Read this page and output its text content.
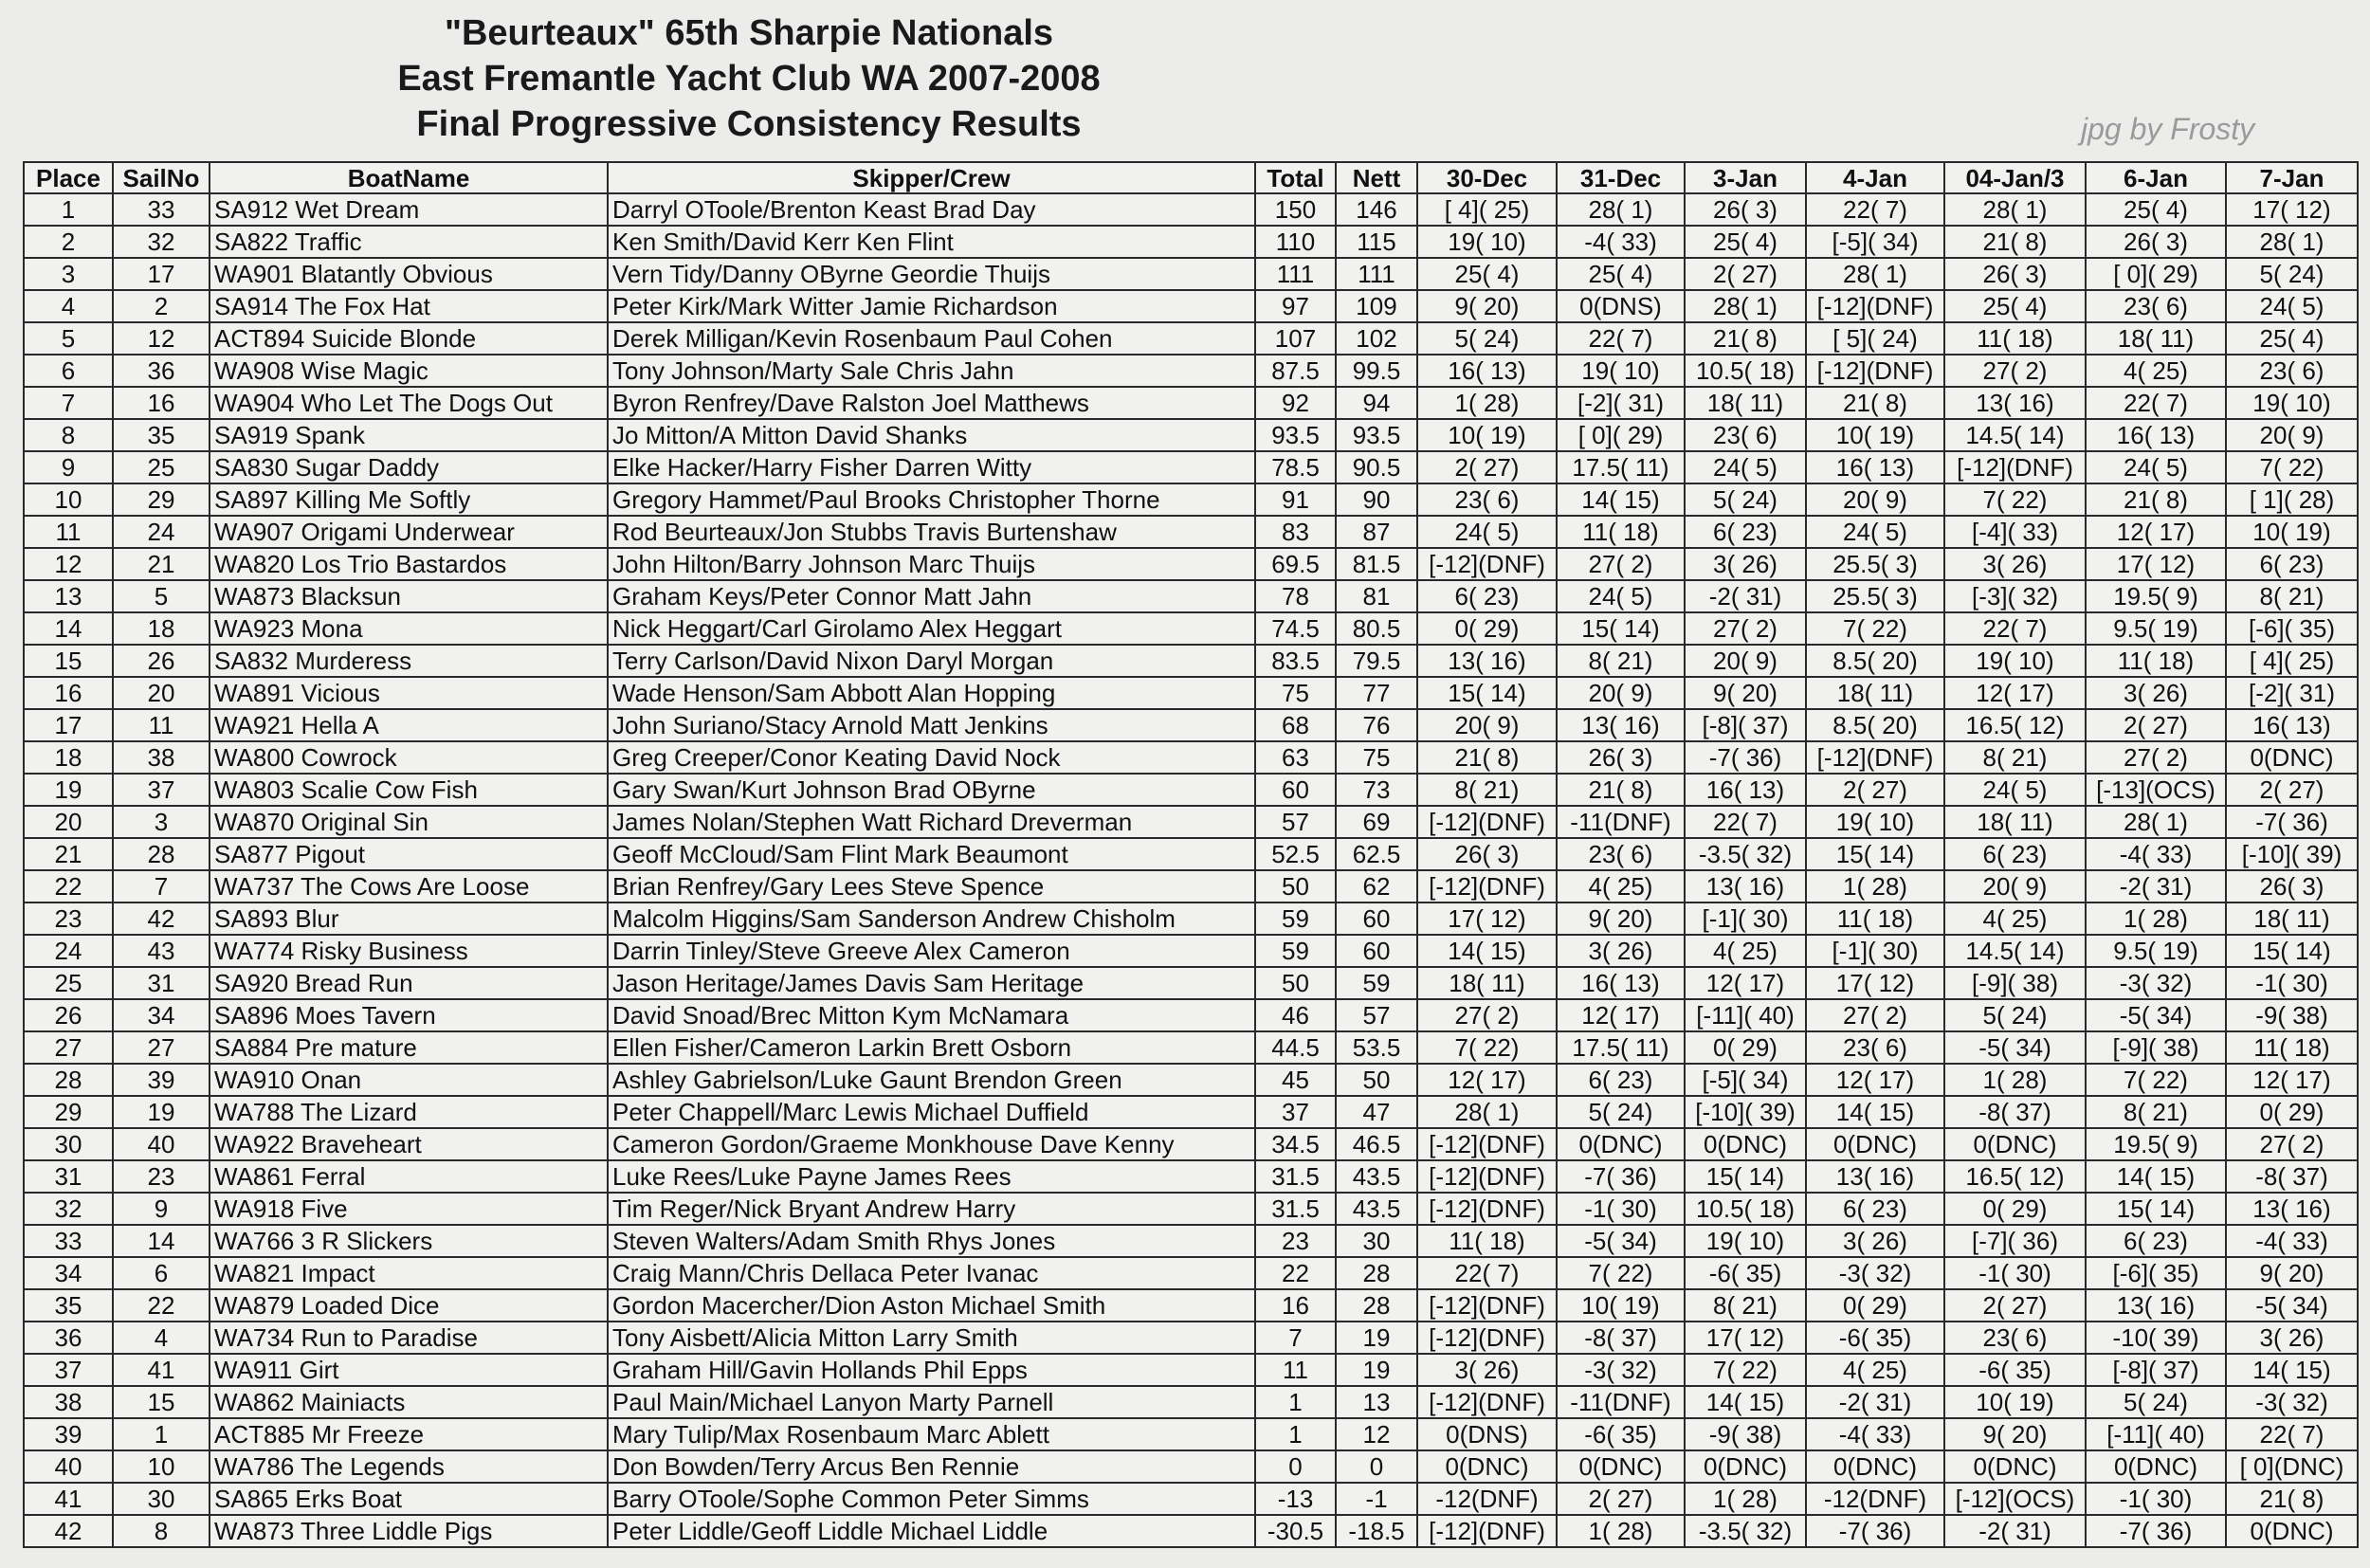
"Beurteaux" 65th Sharpie Nationals
East Fremantle Yacht Club WA 2007-2008
Final Progressive Consistency Results	jpg by Frosty
Place	SailNo	BoatName	Skipper/Crew	Total	Nett	30-Dec	31-Dec	3-Jan	4-Jan	04-Jan/3	6-Jan	7-Jan
1	33	SA912 Wet Dream	Darryl OToole/Brenton Keast Brad Day	150	146	[ 4]( 25)	28( 1)	26( 3)	22( 7)	28( 1)	25( 4)	17( 12)
2	32	SA822 Traffic	Ken Smith/David Kerr Ken Flint	110	115	19( 10)	-4( 33)	25( 4)	[-5]( 34)	21( 8)	26( 3)	28( 1)
3	17	WA901 Blatantly Obvious	Vern Tidy/Danny OByrne Geordie Thuijs	111	111	25( 4)	25( 4)	2( 27)	28( 1)	26( 3)	[ 0]( 29)	5( 24)
4	2	SA914 The Fox Hat	Peter Kirk/Mark Witter Jamie Richardson	97	109	9( 20)	0(DNS)	28( 1)	[-12](DNF)	25( 4)	23( 6)	24( 5)
5	12	ACT894 Suicide Blonde	Derek Milligan/Kevin Rosenbaum Paul Cohen	107	102	5( 24)	22( 7)	21( 8)	[ 5]( 24)	11( 18)	18( 11)	25( 4)
6	36	WA908 Wise Magic	Tony Johnson/Marty Sale Chris Jahn	87.5	99.5	16( 13)	19( 10)	10.5( 18)	[-12](DNF)	27( 2)	4( 25)	23( 6)
7	16	WA904 Who Let The Dogs Out	Byron Renfrey/Dave Ralston Joel Matthews	92	94	1( 28)	[-2]( 31)	18( 11)	21( 8)	13( 16)	22( 7)	19( 10)
8	35	SA919 Spank	Jo Mitton/A Mitton David Shanks	93.5	93.5	10( 19)	[ 0]( 29)	23( 6)	10( 19)	14.5( 14)	16( 13)	20( 9)
9	25	SA830 Sugar Daddy	Elke Hacker/Harry Fisher Darren Witty	78.5	90.5	2( 27)	17.5( 11)	24( 5)	16( 13)	[-12](DNF)	24( 5)	7( 22)
10	29	SA897 Killing Me Softly	Gregory Hammet/Paul Brooks Christopher Thorne	91	90	23( 6)	14( 15)	5( 24)	20( 9)	7( 22)	21( 8)	[ 1]( 28)
11	24	WA907 Origami Underwear	Rod Beurteaux/Jon Stubbs Travis Burtenshaw	83	87	24( 5)	11( 18)	6( 23)	24( 5)	[-4]( 33)	12( 17)	10( 19)
12	21	WA820 Los Trio Bastardos	John Hilton/Barry Johnson Marc Thuijs	69.5	81.5	[-12](DNF)	27( 2)	3( 26)	25.5( 3)	3( 26)	17( 12)	6( 23)
13	5	WA873 Blacksun	Graham Keys/Peter Connor Matt Jahn	78	81	6( 23)	24( 5)	-2( 31)	25.5( 3)	[-3]( 32)	19.5( 9)	8( 21)
14	18	WA923 Mona	Nick Heggart/Carl Girolamo Alex Heggart	74.5	80.5	0( 29)	15( 14)	27( 2)	7( 22)	22( 7)	9.5( 19)	[-6]( 35)
15	26	SA832 Murderess	Terry Carlson/David Nixon Daryl Morgan	83.5	79.5	13( 16)	8( 21)	20( 9)	8.5( 20)	19( 10)	11( 18)	[ 4]( 25)
16	20	WA891 Vicious	Wade Henson/Sam Abbott Alan Hopping	75	77	15( 14)	20( 9)	9( 20)	18( 11)	12( 17)	3( 26)	[-2]( 31)
17	11	WA921 Hella A	John Suriano/Stacy Arnold Matt Jenkins	68	76	20( 9)	13( 16)	[-8]( 37)	8.5( 20)	16.5( 12)	2( 27)	16( 13)
18	38	WA800 Cowrock	Greg Creeper/Conor Keating David Nock	63	75	21( 8)	26( 3)	-7( 36)	[-12](DNF)	8( 21)	27( 2)	0(DNC)
19	37	WA803 Scalie Cow Fish	Gary Swan/Kurt Johnson Brad OByrne	60	73	8( 21)	21( 8)	16( 13)	2( 27)	24( 5)	[-13](OCS)	2( 27)
20	3	WA870 Original Sin	James Nolan/Stephen Watt Richard Dreverman	57	69	[-12](DNF)	-11(DNF)	22( 7)	19( 10)	18( 11)	28( 1)	-7( 36)
21	28	SA877 Pigout	Geoff McCloud/Sam Flint Mark Beaumont	52.5	62.5	26( 3)	23( 6)	-3.5( 32)	15( 14)	6( 23)	-4( 33)	[-10]( 39)
22	7	WA737 The Cows Are Loose	Brian Renfrey/Gary Lees Steve Spence	50	62	[-12](DNF)	4( 25)	13( 16)	1( 28)	20( 9)	-2( 31)	26( 3)
23	42	SA893 Blur	Malcolm Higgins/Sam Sanderson Andrew Chisholm	59	60	17( 12)	9( 20)	[-1]( 30)	11( 18)	4( 25)	1( 28)	18( 11)
24	43	WA774 Risky Business	Darrin Tinley/Steve Greeve Alex Cameron	59	60	14( 15)	3( 26)	4( 25)	[-1]( 30)	14.5( 14)	9.5( 19)	15( 14)
25	31	SA920 Bread Run	Jason Heritage/James Davis Sam Heritage	50	59	18( 11)	16( 13)	12( 17)	17( 12)	[-9]( 38)	-3( 32)	-1( 30)
26	34	SA896 Moes Tavern	David Snoad/Brec Mitton Kym McNamara	46	57	27( 2)	12( 17)	[-11]( 40)	27( 2)	5( 24)	-5( 34)	-9( 38)
27	27	SA884 Pre mature	Ellen Fisher/Cameron Larkin Brett Osborn	44.5	53.5	7( 22)	17.5( 11)	0( 29)	23( 6)	-5( 34)	[-9]( 38)	11( 18)
28	39	WA910 Onan	Ashley Gabrielson/Luke Gaunt Brendon Green	45	50	12( 17)	6( 23)	[-5]( 34)	12( 17)	1( 28)	7( 22)	12( 17)
29	19	WA788 The Lizard	Peter Chappell/Marc Lewis Michael Duffield	37	47	28( 1)	5( 24)	[-10]( 39)	14( 15)	-8( 37)	8( 21)	0( 29)
30	40	WA922 Braveheart	Cameron Gordon/Graeme Monkhouse Dave Kenny	34.5	46.5	[-12](DNF)	0(DNC)	0(DNC)	0(DNC)	0(DNC)	19.5( 9)	27( 2)
31	23	WA861 Ferral	Luke Rees/Luke Payne James Rees	31.5	43.5	[-12](DNF)	-7( 36)	15( 14)	13( 16)	16.5( 12)	14( 15)	-8( 37)
32	9	WA918 Five	Tim Reger/Nick Bryant Andrew Harry	31.5	43.5	[-12](DNF)	-1( 30)	10.5( 18)	6( 23)	0( 29)	15( 14)	13( 16)
33	14	WA766 3 R Slickers	Steven Walters/Adam Smith Rhys Jones	23	30	11( 18)	-5( 34)	19( 10)	3( 26)	[-7]( 36)	6( 23)	-4( 33)
34	6	WA821 Impact	Craig Mann/Chris Dellaca Peter Ivanac	22	28	22( 7)	7( 22)	-6( 35)	-3( 32)	-1( 30)	[-6]( 35)	9( 20)
35	22	WA879 Loaded Dice	Gordon Macercher/Dion Aston Michael Smith	16	28	[-12](DNF)	10( 19)	8( 21)	0( 29)	2( 27)	13( 16)	-5( 34)
36	4	WA734 Run to Paradise	Tony Aisbett/Alicia Mitton Larry Smith	7	19	[-12](DNF)	-8( 37)	17( 12)	-6( 35)	23( 6)	-10( 39)	3( 26)
37	41	WA911 Girt	Graham Hill/Gavin Hollands Phil Epps	11	19	3( 26)	-3( 32)	7( 22)	4( 25)	-6( 35)	[-8]( 37)	14( 15)
38	15	WA862 Mainiacts	Paul Main/Michael Lanyon Marty Parnell	1	13	[-12](DNF)	-11(DNF)	14( 15)	-2( 31)	10( 19)	5( 24)	-3( 32)
39	1	ACT885 Mr Freeze	Mary Tulip/Max Rosenbaum Marc Ablett	1	12	0(DNS)	-6( 35)	-9( 38)	-4( 33)	9( 20)	[-11]( 40)	22( 7)
40	10	WA786 The Legends	Don Bowden/Terry Arcus Ben Rennie	0	0	0(DNC)	0(DNC)	0(DNC)	0(DNC)	0(DNC)	0(DNC)	[ 0](DNC)
41	30	SA865 Erks Boat	Barry OToole/Sophe Common Peter Simms	-13	-1	-12(DNF)	2( 27)	1( 28)	-12(DNF)	[-12](OCS)	-1( 30)	21( 8)
42	8	WA873 Three Liddle Pigs	Peter Liddle/Geoff Liddle Michael Liddle	-30.5	-18.5	[-12](DNF)	1( 28)	-3.5( 32)	-7( 36)	-2( 31)	-7( 36)	0(DNC)
